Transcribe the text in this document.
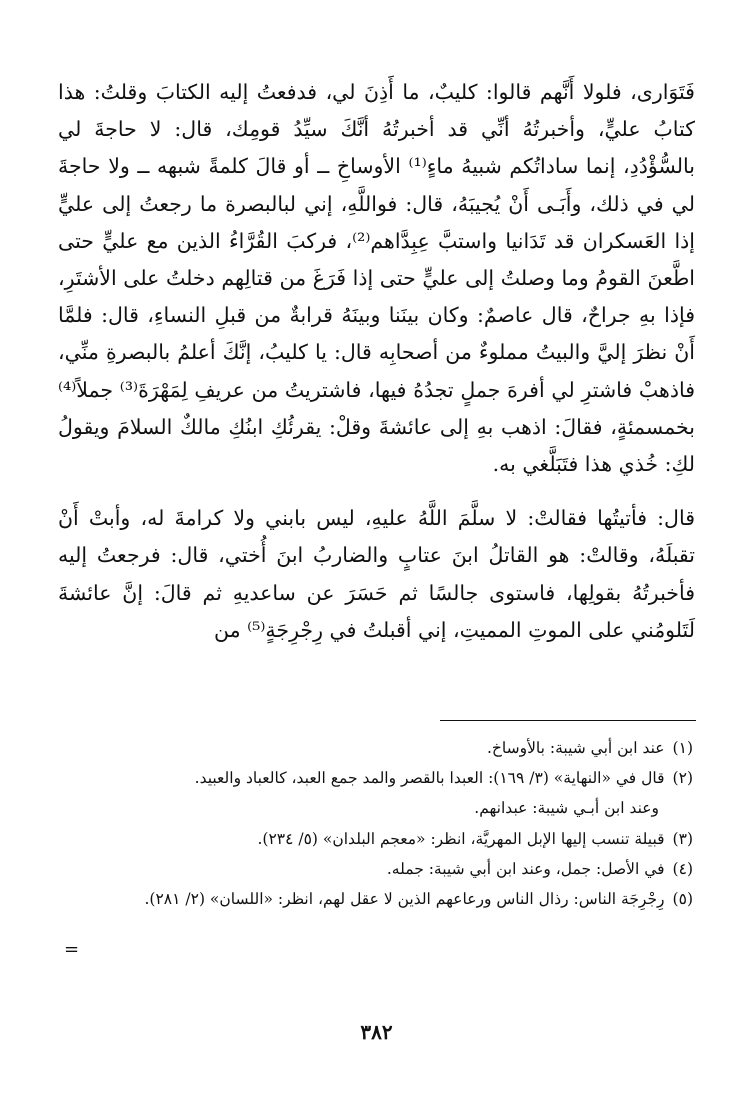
فَتَوَارى، فلولا أَنَّهم قالوا: كليبٌ، ما أَذِنَ لي، فدفعتُ إليه الكتابَ وقلتُ: هذا كتابُ عليٍّ، وأخبرتُهُ أنِّي قد أخبرتُهُ أنَّكَ سيِّدُ قومِك، قال: لا حاجةَ لي بالسُّؤْدُدِ، إنما ساداتُكم شبيهُ ماءٍ⁽¹⁾ الأوساخِ ــ أو قالَ كلمةً شبهه ــ ولا حاجةَ لي في ذلك، وأَبَـى أَنْ يُجيبَهُ، قال: فواللَّهِ، إني لبالبصرة ما رجعتُ إلى عليٍّ إذا العَسكران قد تَدَانيا واستبَّ عِبِدَّاهم⁽²⁾، فركبَ القُرَّاءُ الذين مع عليٍّ حتى اطَّعنَ القومُ وما وصلتُ إلى عليٍّ حتى إذا فَرَغَ من قتالِهم دخلتُ على الأشتَرِ، فإذا بهِ جراحٌ، قال عاصمٌ: وكان بينَنا وبينَهُ قرابةٌ من قبلِ النساءِ، قال: فلمَّا أَنْ نظرَ إليَّ والبيتُ مملوءٌ من أصحابِه قال: يا كليبُ، إنَّكَ أعلمُ بالبصرةِ منِّي، فاذهبْ فاشترِ لي أفرهَ جملٍ تجدُهُ فيها، فاشتريتُ من عريفِ لِمَهْرَةَ⁽³⁾ جملاً⁽⁴⁾ بخمسمئةٍ، فقالَ: اذهب بهِ إلى عائشةَ وقلْ: يقرئُكِ ابنُكِ مالكٌ السلامَ ويقولُ لكِ: خُذي هذا فتَبَلَّغي به.

قال: فأتيتُها فقالتْ: لا سلَّمَ اللَّهُ عليهِ، ليس بابني ولا كرامةَ له، وأبتْ أَنْ تقبلَهُ، وقالتْ: هو القاتلُ ابنَ عتابٍ والضاربُ ابنَ أُختي، قال: فرجعتُ إليه فأخبرتُهُ بقولِها، فاستوى جالسًا ثم حَسَرَ عن ساعديهِ ثم قالَ: إنَّ عائشةَ لَتَلومُني على الموتِ المميتِ، إني أقبلتُ في رِجْرِجَةٍ⁽⁵⁾ من

(١)
عند ابن أبي شيبة: بالأوساخ.
(٢)
قال في «النهاية» (٣/ ١٦٩): العبدا بالقصر والمد جمع العبد، كالعباد والعبيد.
وعند ابن أبـي شيبة: عبدانهم.
(٣)
قبيلة تنسب إليها الإبل المهريَّة، انظر: «معجم البلدان» (٥/ ٢٣٤).
(٤)
في الأصل: جمل، وعند ابن أبي شيبة: جمله.
(٥)
رِجْرِجَة الناس: رذال الناس ورعاعهم الذين لا عقل لهم، انظر: «اللسان» (٢/ ٢٨١).
=
٣٨٢
